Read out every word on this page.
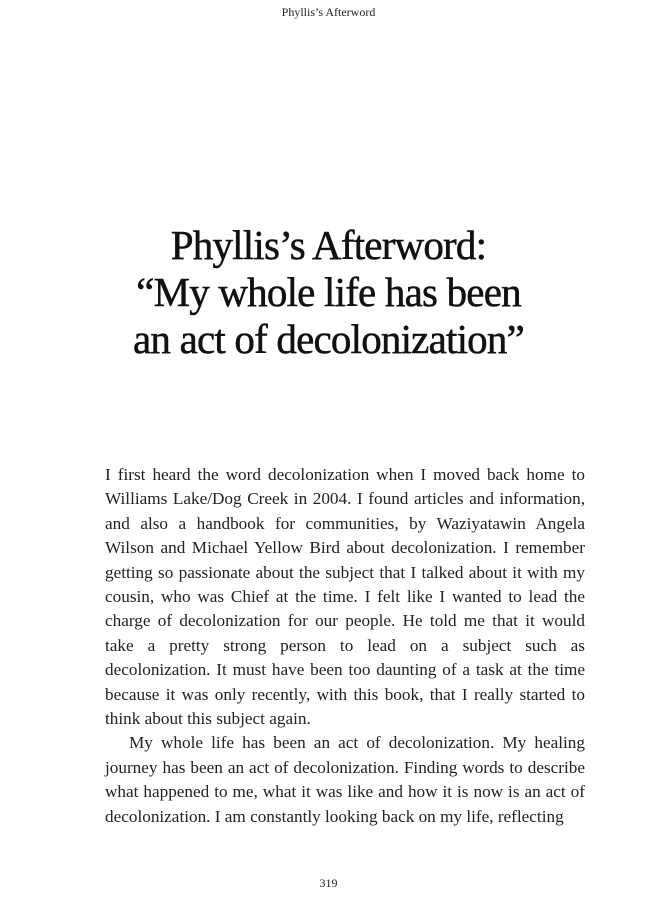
Phyllis’s Afterword
Phyllis’s Afterword:
“My whole life has been
an act of decolonization”

I first heard the word decolonization when I moved back home to Williams Lake/Dog Creek in 2004. I found articles and information, and also a handbook for communities, by Waziyatawin Angela Wilson and Michael Yellow Bird about decolonization. I remember getting so passionate about the subject that I talked about it with my cousin, who was Chief at the time. I felt like I wanted to lead the charge of decolonization for our people. He told me that it would take a pretty strong person to lead on a subject such as decolonization. It must have been too daunting of a task at the time because it was only recently, with this book, that I really started to think about this subject again.

My whole life has been an act of decolonization. My healing journey has been an act of decolonization. Finding words to describe what happened to me, what it was like and how it is now is an act of decolonization. I am constantly looking back on my life, reflecting

319
